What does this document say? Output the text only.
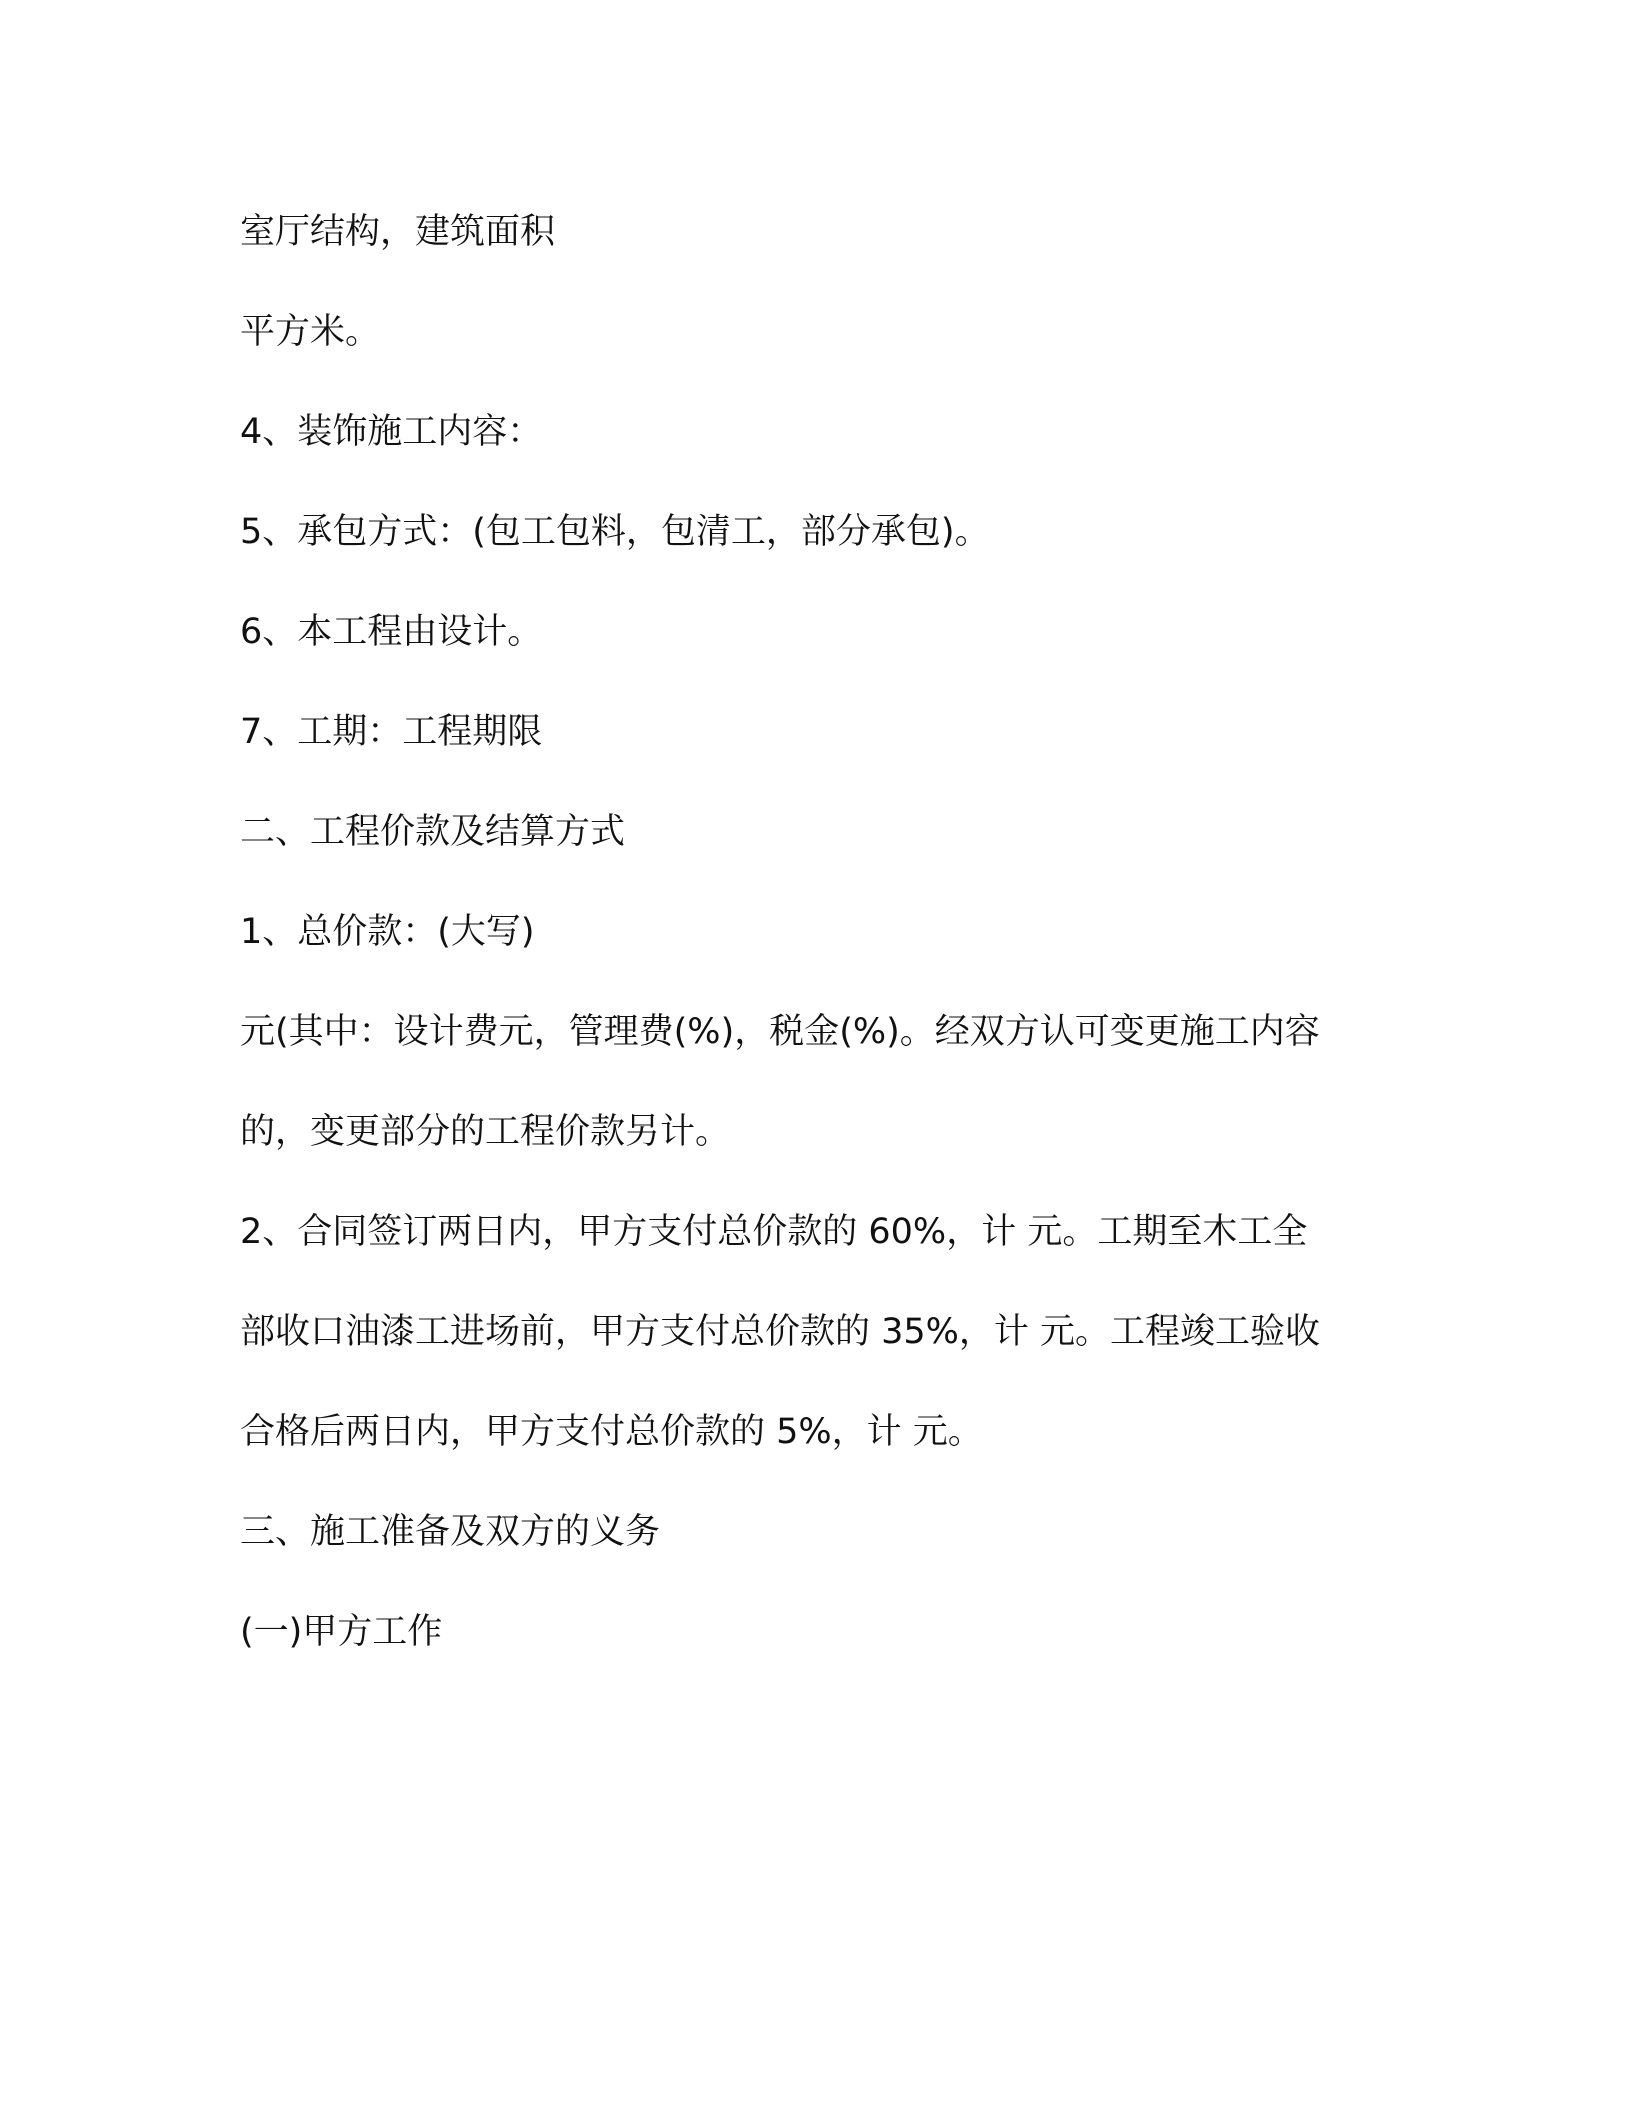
室厅结构，建筑面积
平方米。
4、装饰施工内容：
5、承包方式：(包工包料，包清工，部分承包)。
6、本工程由设计。
7、工期：工程期限
二、工程价款及结算方式
1、总价款：(大写)
元(其中：设计费元，管理费(%)，税金(%)。经双方认可变更施工内容
的，变更部分的工程价款另计。
2、合同签订两日内，甲方支付总价款的 60%，计 元。工期至木工全
部收口油漆工进场前，甲方支付总价款的 35%，计 元。工程竣工验收
合格后两日内，甲方支付总价款的 5%，计 元。
三、施工准备及双方的义务
(一)甲方工作
